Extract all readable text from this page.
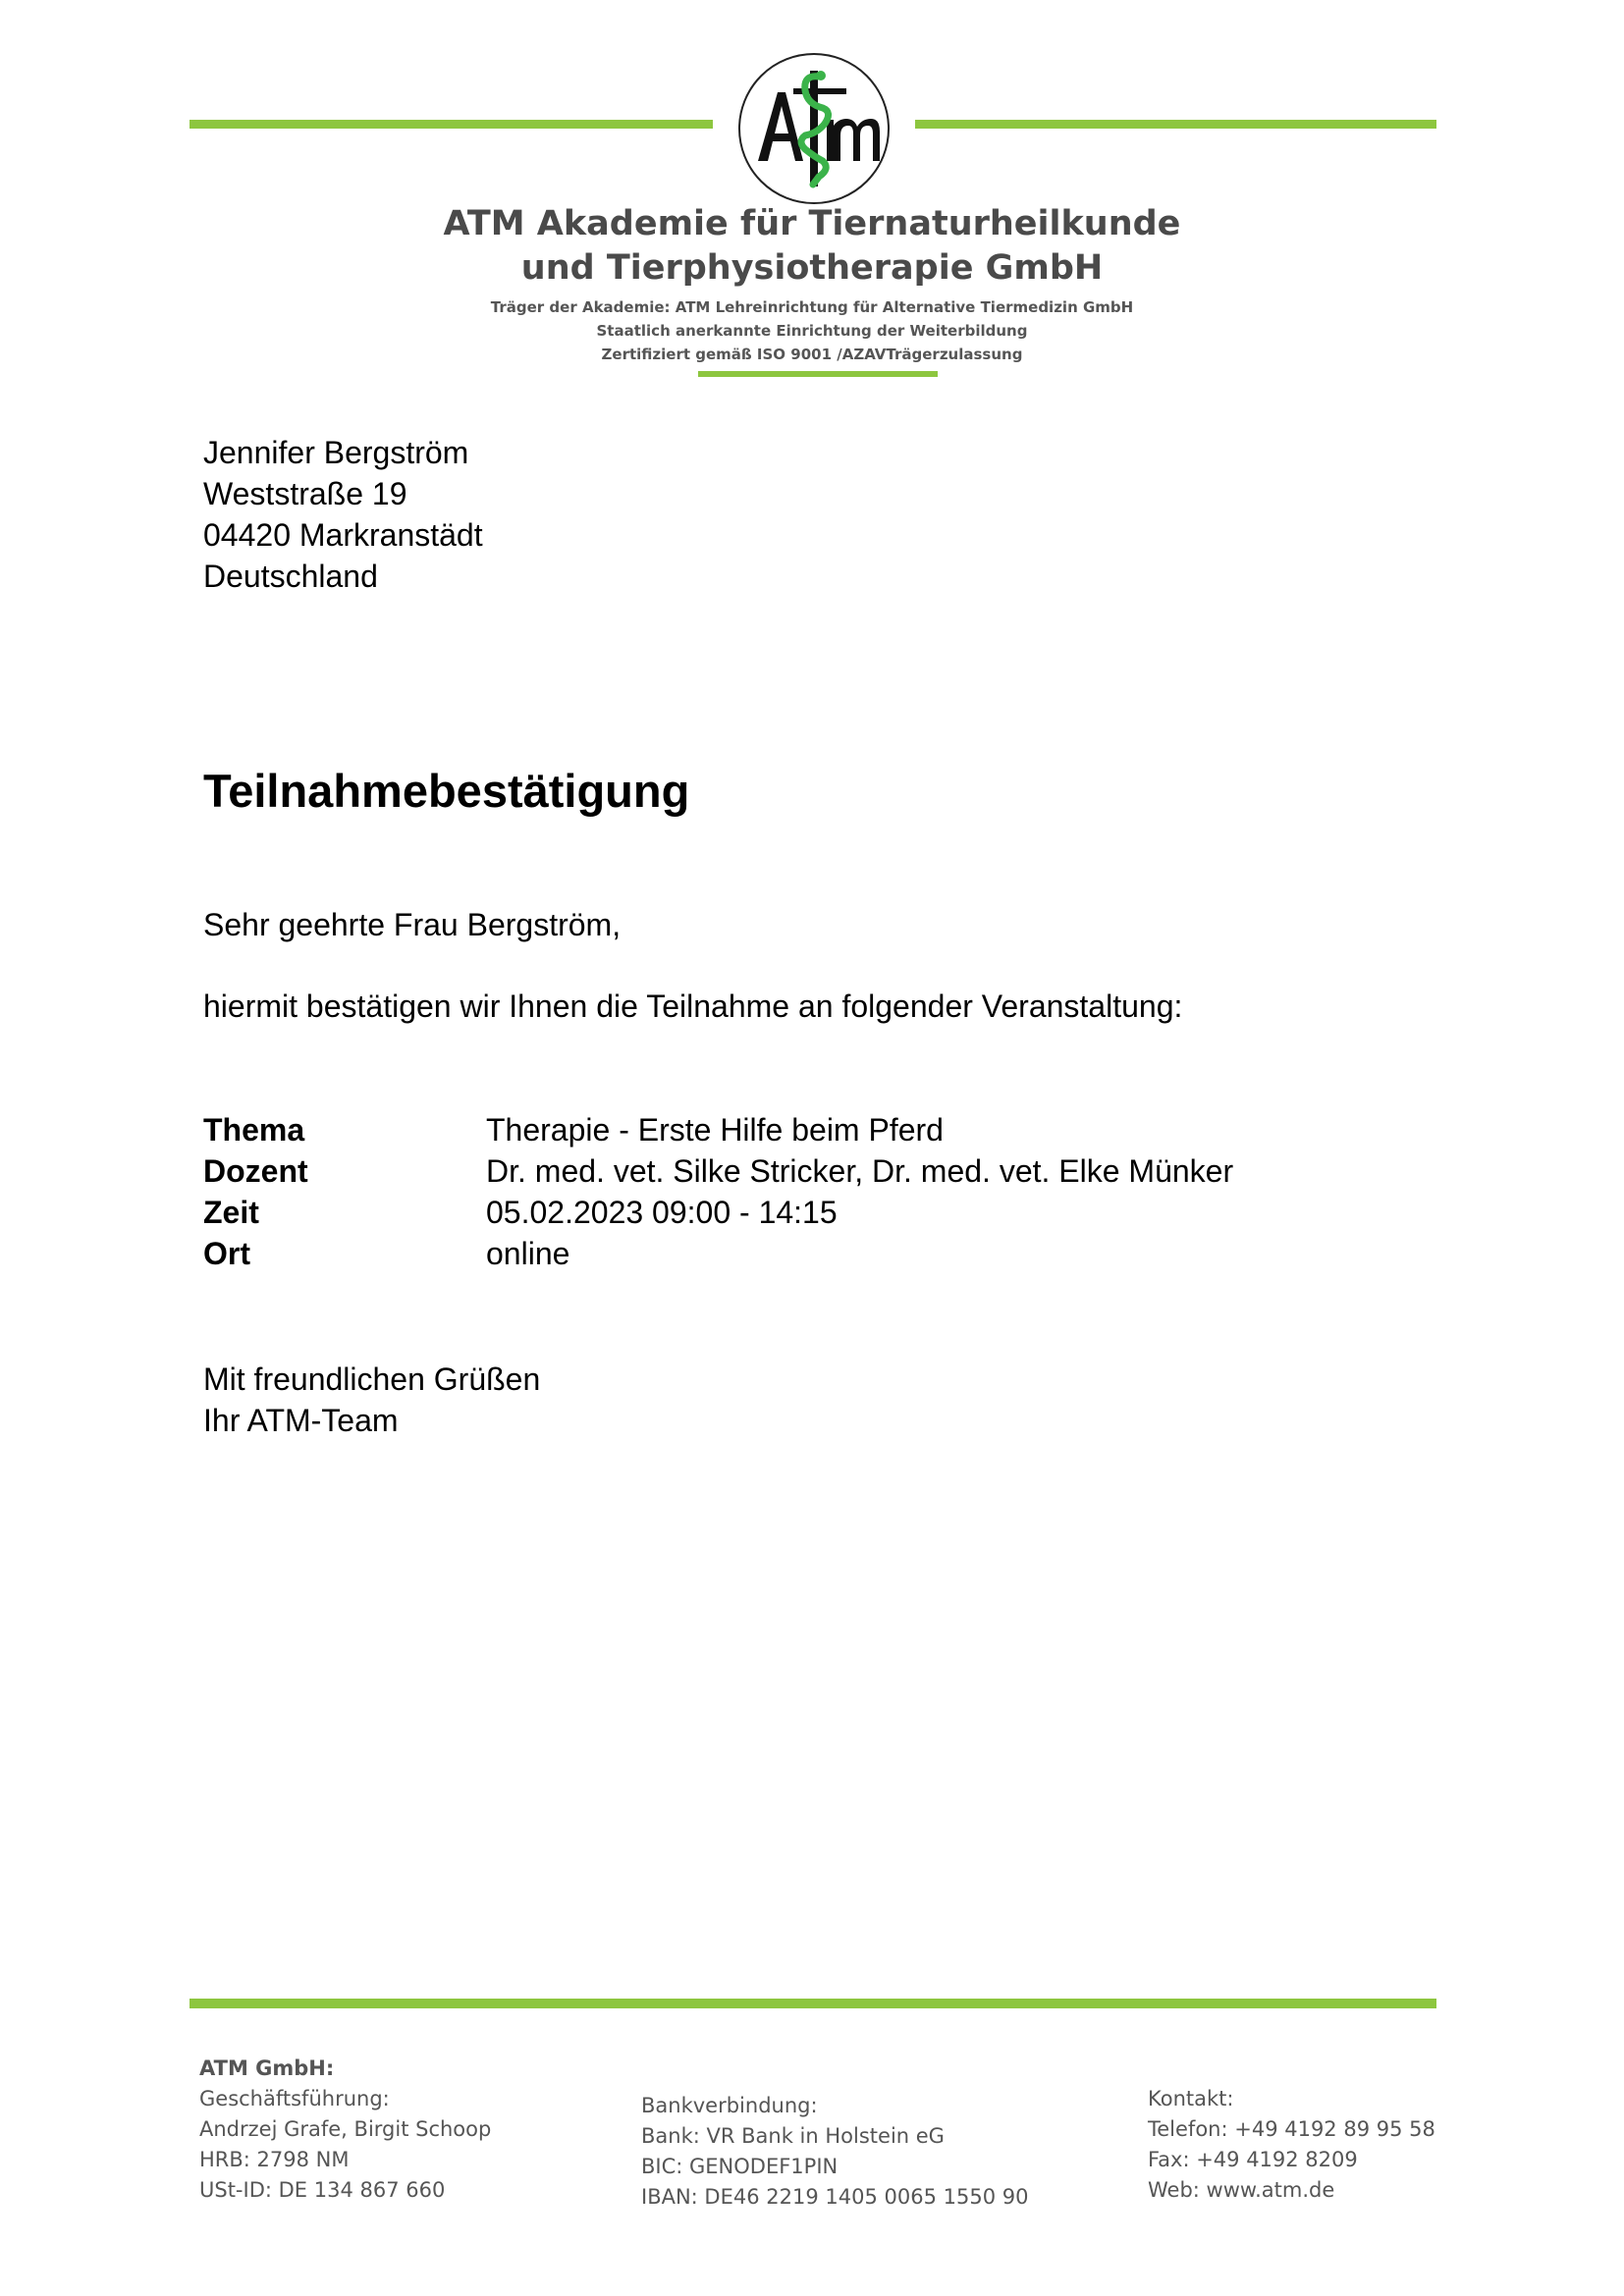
ATM Akademie für Tiernaturheilkunde
und Tierphysiotherapie GmbH
Träger der Akademie: ATM Lehreinrichtung für Alternative Tiermedizin GmbH
Staatlich anerkannte Einrichtung der Weiterbildung
Zertifiziert gemäß ISO 9001 /AZAVTrägerzulassung
Jennifer Bergström
Weststraße 19
04420 Markranstädt
Deutschland
Teilnahmebestätigung
Sehr geehrte Frau Bergström,
hiermit bestätigen wir Ihnen die Teilnahme an folgender Veranstaltung:
Thema	Therapie - Erste Hilfe beim Pferd
Dozent	Dr. med. vet. Silke Stricker, Dr. med. vet. Elke Münker
Zeit	05.02.2023 09:00 - 14:15
Ort	online
Mit freundlichen Grüßen
Ihr ATM-Team
ATM GmbH:
Geschäftsführung:
Andrzej Grafe, Birgit Schoop
HRB: 2798 NM
USt-ID: DE 134 867 660
Bankverbindung:
Bank: VR Bank in Holstein eG
BIC: GENODEF1PIN
IBAN: DE46 2219 1405 0065 1550 90
Kontakt:
Telefon: +49 4192 89 95 58
Fax: +49 4192 8209
Web: www.atm.de
